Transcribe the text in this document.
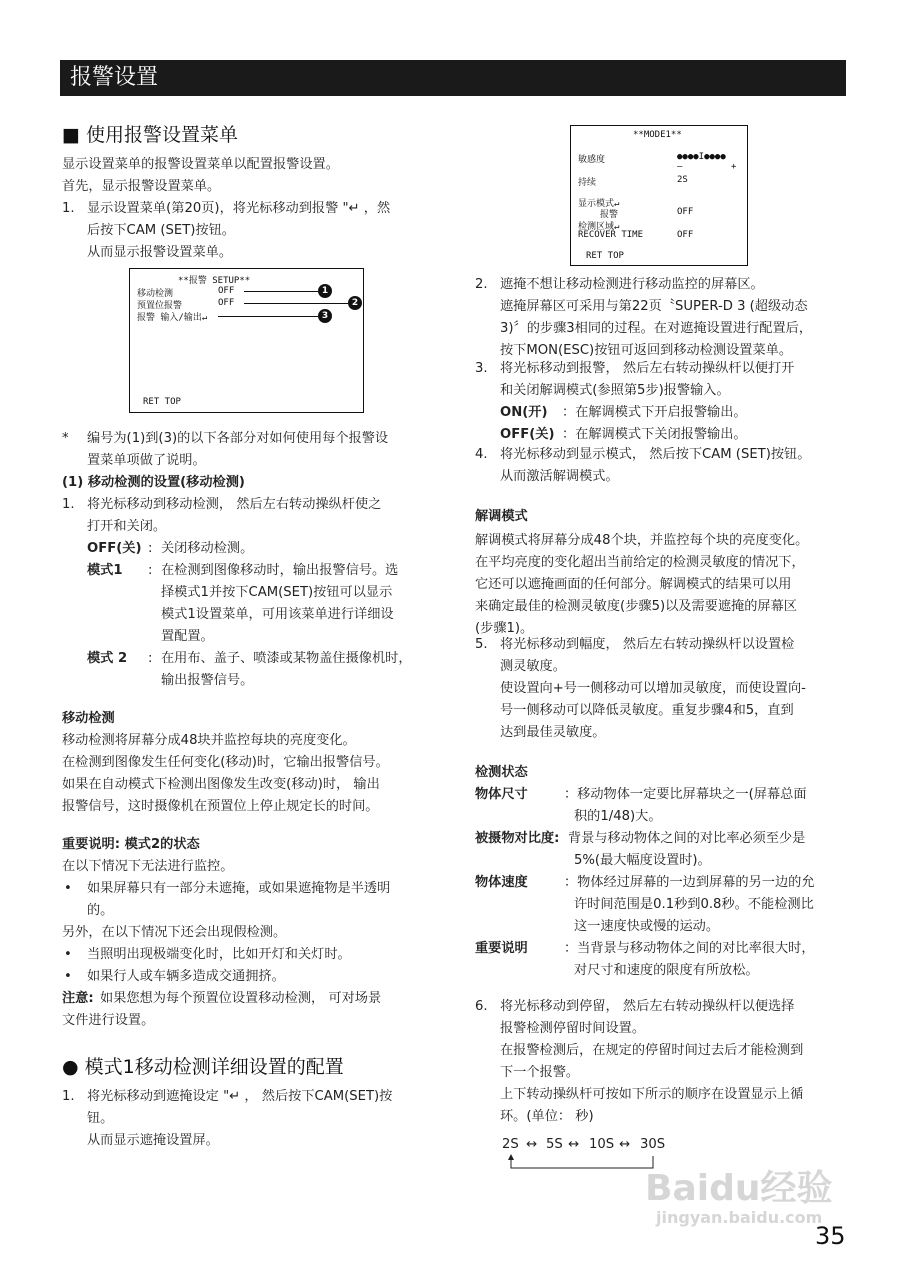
报警设置
■ 使用报警设置菜单
显示设置菜单的报警设置菜单以配置报警设置。
首先，显示报警设置菜单。
1. 显示设置菜单(第20页)，将光标移动到报警 "↵ ，然
后按下CAM (SET)按钮。
从而显示报警设置菜单。
**报警 SETUP**
移动检测	OFF
预置位报警	OFF
报警 输入/输出↵
RET TOP
1
2
3
* 编号为(1)到(3)的以下各部分对如何使用每个报警设
置菜单项做了说明。
(1) 移动检测的设置(移动检测)
1. 将光标移动到移动检测， 然后左右转动操纵杆使之
打开和关闭。
OFF(关) : 关闭移动检测。
模式1 : 在检测到图像移动时，输出报警信号。选
择模式1并按下CAM(SET)按钮可以显示
模式1设置菜单，可用该菜单进行详细设
置配置。
模式 2 : 在用布、盖子、喷漆或某物盖住摄像机时，
输出报警信号。
移动检测
移动检测将屏幕分成48块并监控每块的亮度变化。
在检测到图像发生任何变化(移动)时，它输出报警信号。
如果在自动模式下检测出图像发生改变(移动)时， 输出
报警信号，这时摄像机在预置位上停止规定长的时间。
重要说明: 模式2的状态
在以下情况下无法进行监控。
• 如果屏幕只有一部分未遮掩，或如果遮掩物是半透明
的。
另外，在以下情况下还会出现假检测。
• 当照明出现极端变化时，比如开灯和关灯时。
• 如果行人或车辆多造成交通拥挤。
注意: 如果您想为每个预置位设置移动检测， 可对场景
文件进行设置。
● 模式1移动检测详细设置的配置
1. 将光标移动到遮掩设定 "↵ ， 然后按下CAM(SET)按
钮。
从而显示遮掩设置屏。
**MODE1**
敏感度	●●●●I●●●●
–	+
持续	2S
显示模式↵
报警	OFF
检测区域↵
RECOVER TIME	OFF
RET TOP
2. 遮掩不想让移动检测进行移动监控的屏幕区。
遮掩屏幕区可采用与第22页〝SUPER-D 3 (超级动态
3)〞的步骤3相同的过程。在对遮掩设置进行配置后，
按下MON(ESC)按钮可返回到移动检测设置菜单。
3. 将光标移动到报警， 然后左右转动操纵杆以便打开
和关闭解调模式(参照第5步)报警输入。
ON(开) ：在解调模式下开启报警输出。
OFF(关) ：在解调模式下关闭报警输出。
4. 将光标移动到显示模式， 然后按下CAM (SET)按钮。
从而激活解调模式。
解调模式
解调模式将屏幕分成48个块，并监控每个块的亮度变化。
在平均亮度的变化超出当前给定的检测灵敏度的情况下，
它还可以遮掩画面的任何部分。解调模式的结果可以用
来确定最佳的检测灵敏度(步骤5)以及需要遮掩的屏幕区
(步骤1)。
5. 将光标移动到幅度， 然后左右转动操纵杆以设置检
测灵敏度。
使设置向+号一侧移动可以增加灵敏度，而使设置向-
号一侧移动可以降低灵敏度。重复步骤4和5，直到
达到最佳灵敏度。
检测状态
物体尺寸	：移动物体一定要比屏幕块之一(屏幕总面
积的1/48)大。
被摄物对比度: 背景与移动物体之间的对比率必须至少是
5%(最大幅度设置时)。
物体速度	：物体经过屏幕的一边到屏幕的另一边的允
许时间范围是0.1秒到0.8秒。不能检测比
这一速度快或慢的运动。
重要说明	：当背景与移动物体之间的对比率很大时，
对尺寸和速度的限度有所放松。
6. 将光标移动到停留， 然后左右转动操纵杆以便选择
报警检测停留时间设置。
在报警检测后，在规定的停留时间过去后才能检测到
下一个报警。
上下转动操纵杆可按如下所示的顺序在设置显示上循
环。(单位： 秒)
2S ↔ 5S ↔ 10S ↔ 30S
Baidu经验
jingyan.baidu.com
35
